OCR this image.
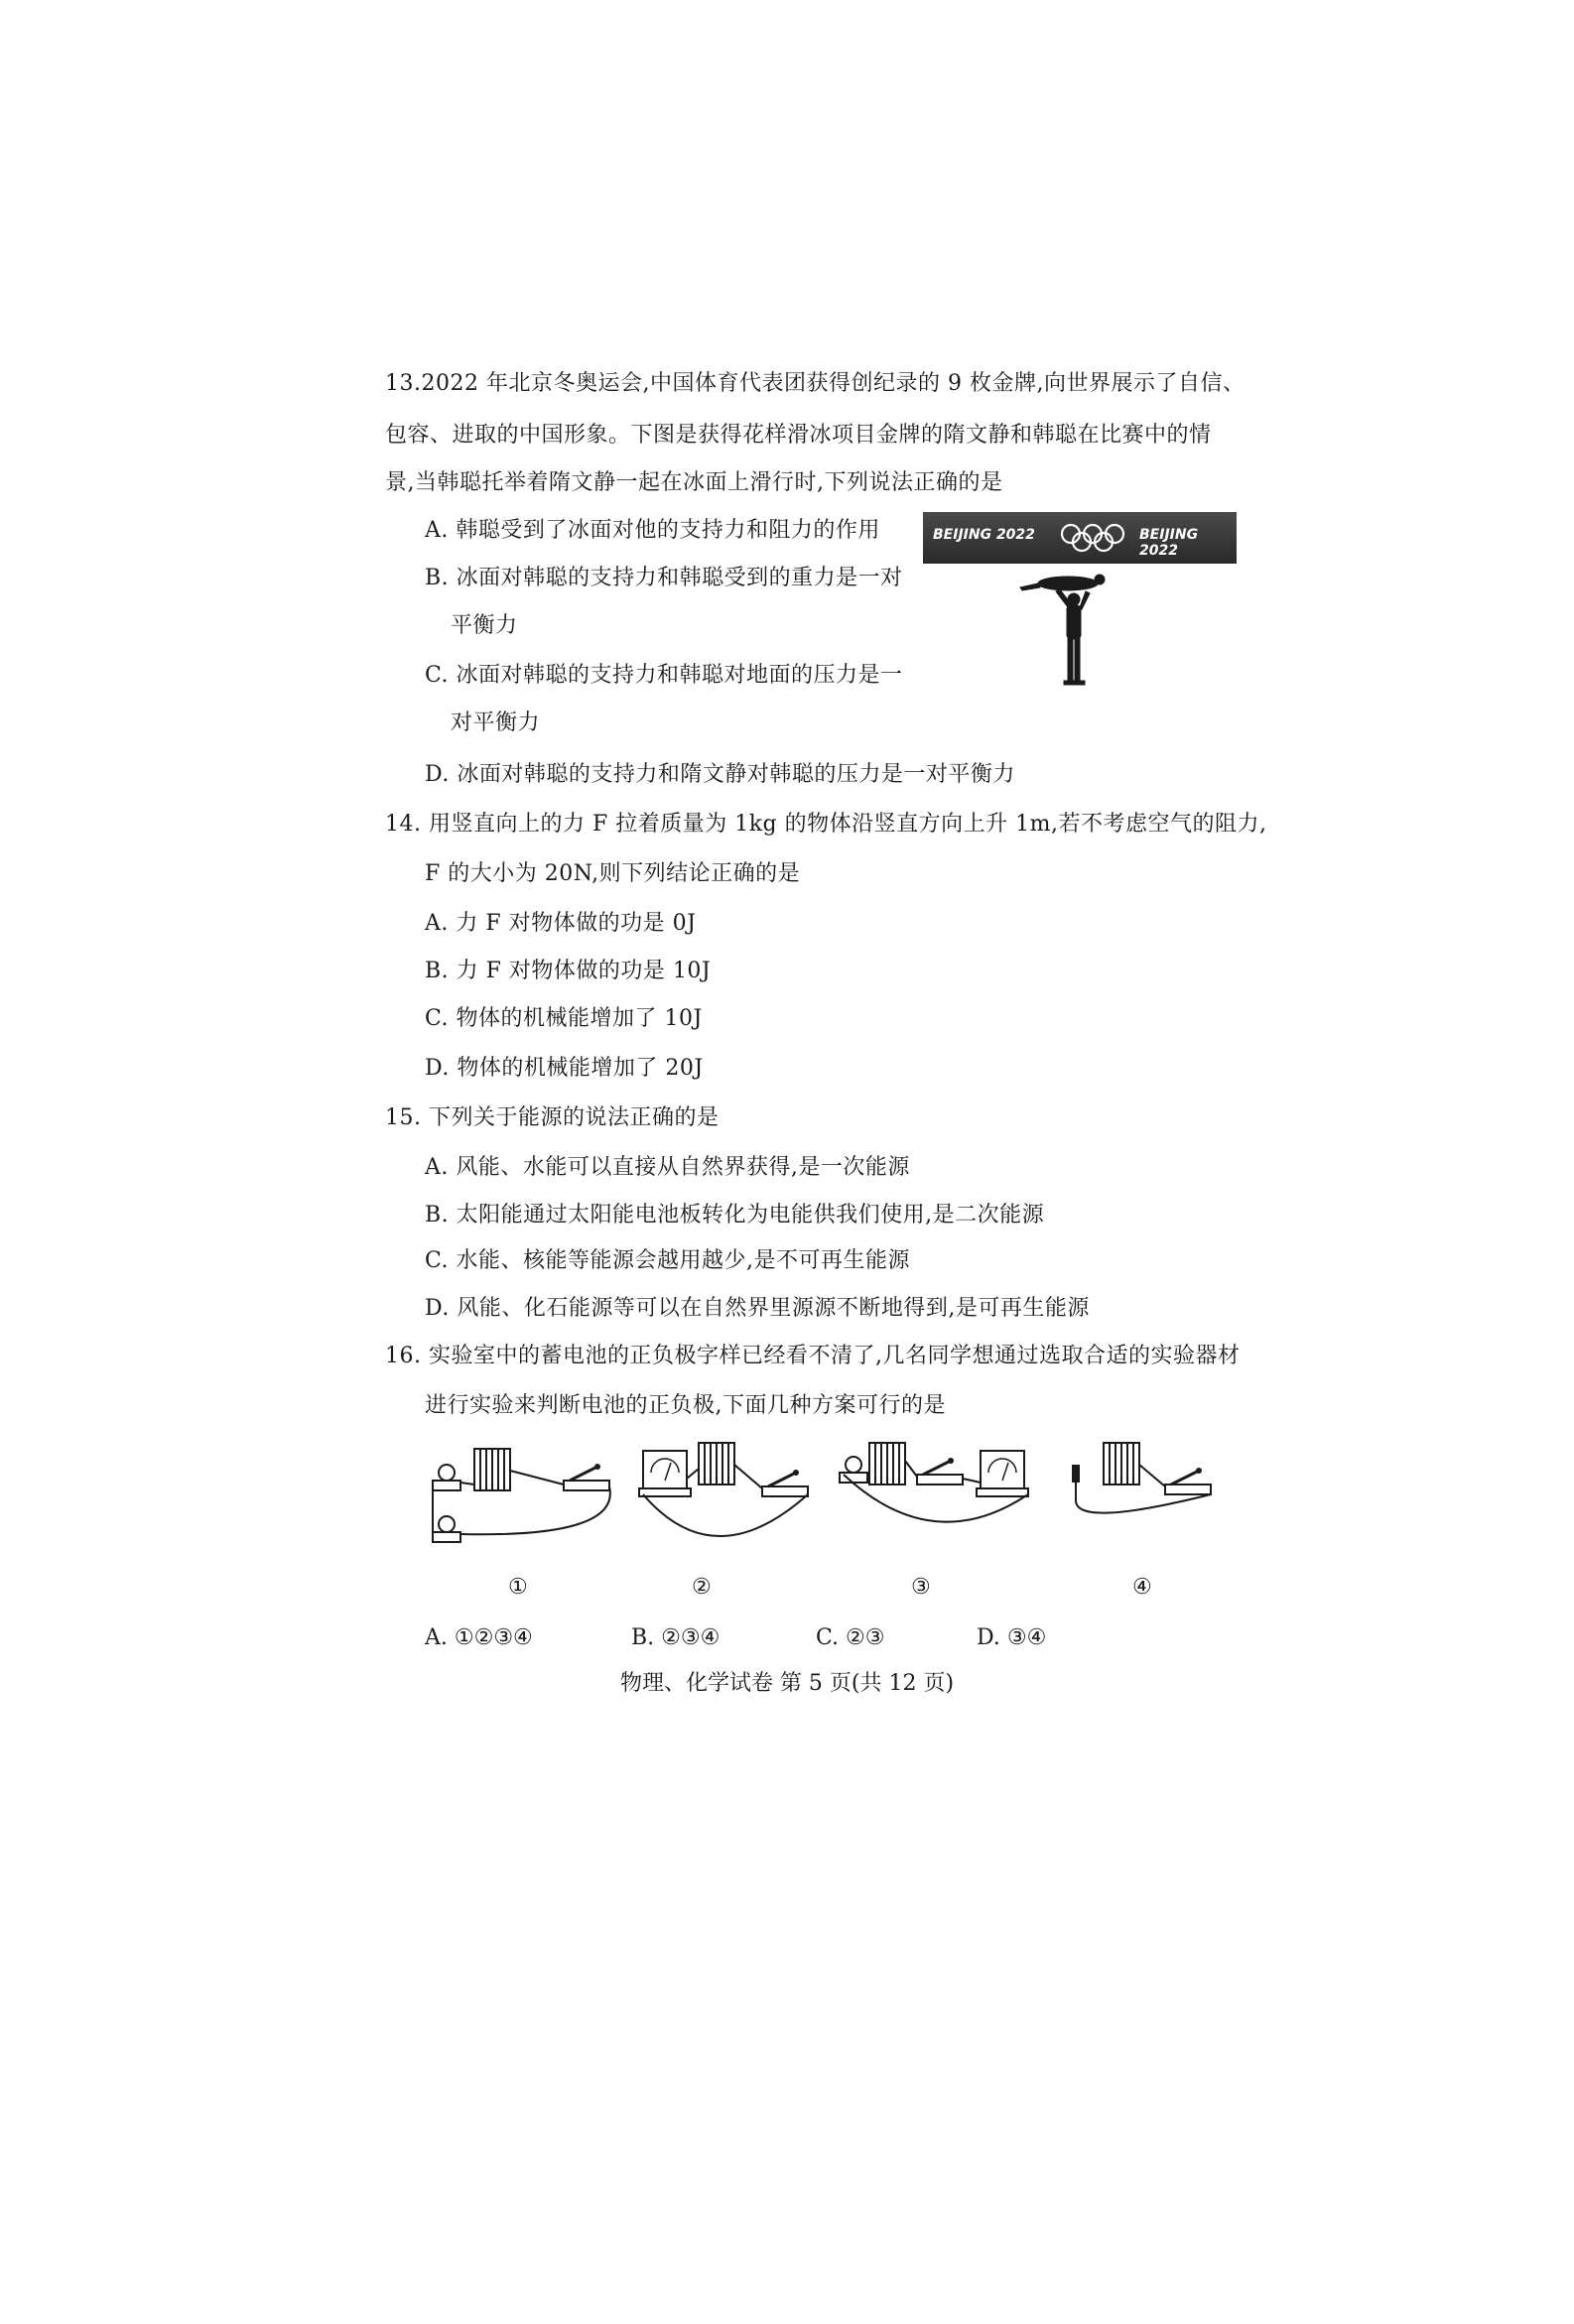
13.2022 年北京冬奥运会,中国体育代表团获得创纪录的 9 枚金牌,向世界展示了自信、
包容、进取的中国形象。下图是获得花样滑冰项目金牌的隋文静和韩聪在比赛中的情
景,当韩聪托举着隋文静一起在冰面上滑行时,下列说法正确的是
A. 韩聪受到了冰面对他的支持力和阻力的作用
B. 冰面对韩聪的支持力和韩聪受到的重力是一对
平衡力
C. 冰面对韩聪的支持力和韩聪对地面的压力是一
对平衡力
D. 冰面对韩聪的支持力和隋文静对韩聪的压力是一对平衡力
BEIJING 2022	BEIJING 2022
14. 用竖直向上的力 F 拉着质量为 1kg 的物体沿竖直方向上升 1m,若不考虑空气的阻力,
F 的大小为 20N,则下列结论正确的是
A. 力 F 对物体做的功是 0J
B. 力 F 对物体做的功是 10J
C. 物体的机械能增加了 10J
D. 物体的机械能增加了 20J
15. 下列关于能源的说法正确的是
A. 风能、水能可以直接从自然界获得,是一次能源
B. 太阳能通过太阳能电池板转化为电能供我们使用,是二次能源
C. 水能、核能等能源会越用越少,是不可再生能源
D. 风能、化石能源等可以在自然界里源源不断地得到,是可再生能源
16. 实验室中的蓄电池的正负极字样已经看不清了,几名同学想通过选取合适的实验器材
进行实验来判断电池的正负极,下面几种方案可行的是
①	②	③	④
A. ①②③④	B. ②③④	C. ②③	D. ③④
物理、化学试卷 第 5 页(共 12 页)
